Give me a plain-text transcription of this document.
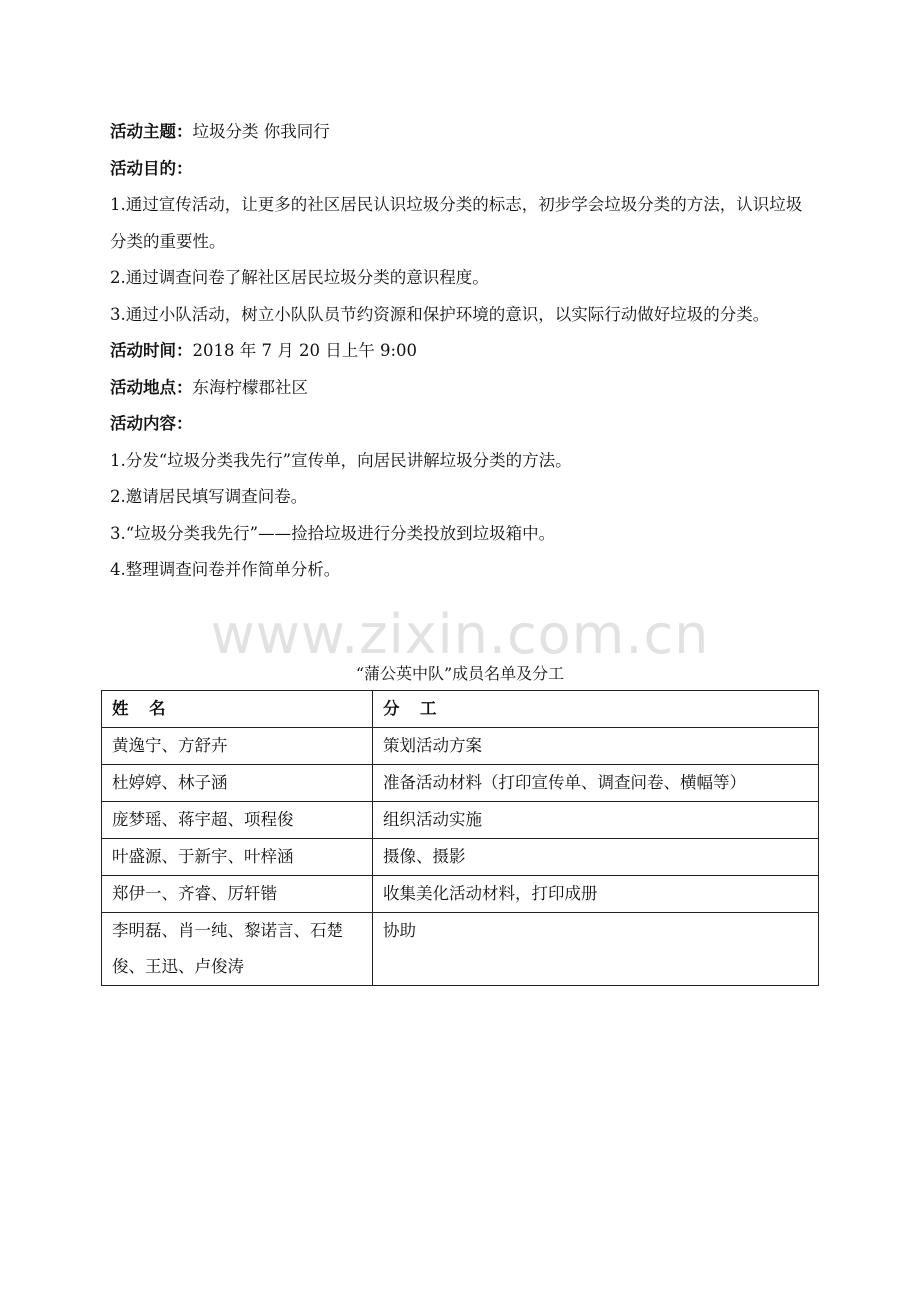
活动主题：垃圾分类 你我同行

活动目的：

1.通过宣传活动，让更多的社区居民认识垃圾分类的标志，初步学会垃圾分类的方法，认识垃圾分类的重要性。

2.通过调查问卷了解社区居民垃圾分类的意识程度。

3.通过小队活动，树立小队队员节约资源和保护环境的意识，以实际行动做好垃圾的分类。

活动时间：2018 年 7 月 20 日上午 9:00

活动地点：东海柠檬郡社区

活动内容：

1.分发“垃圾分类我先行”宣传单，向居民讲解垃圾分类的方法。

2.邀请居民填写调查问卷。

3.“垃圾分类我先行”——捡拾垃圾进行分类投放到垃圾箱中。

4.整理调查问卷并作简单分析。

www.zixin.com.cn
“蒲公英中队”成员名单及分工
姓　名	分　工
黄逸宁、方舒卉	策划活动方案
杜婷婷、林子涵	准备活动材料（打印宣传单、调查问卷、横幅等）
庞梦瑶、蒋宇超、项程俊	组织活动实施
叶盛源、于新宇、叶梓涵	摄像、摄影
郑伊一、齐睿、厉轩锴	收集美化活动材料，打印成册
李明磊、肖一纯、黎诺言、石楚俊、王迅、卢俊涛	协助
